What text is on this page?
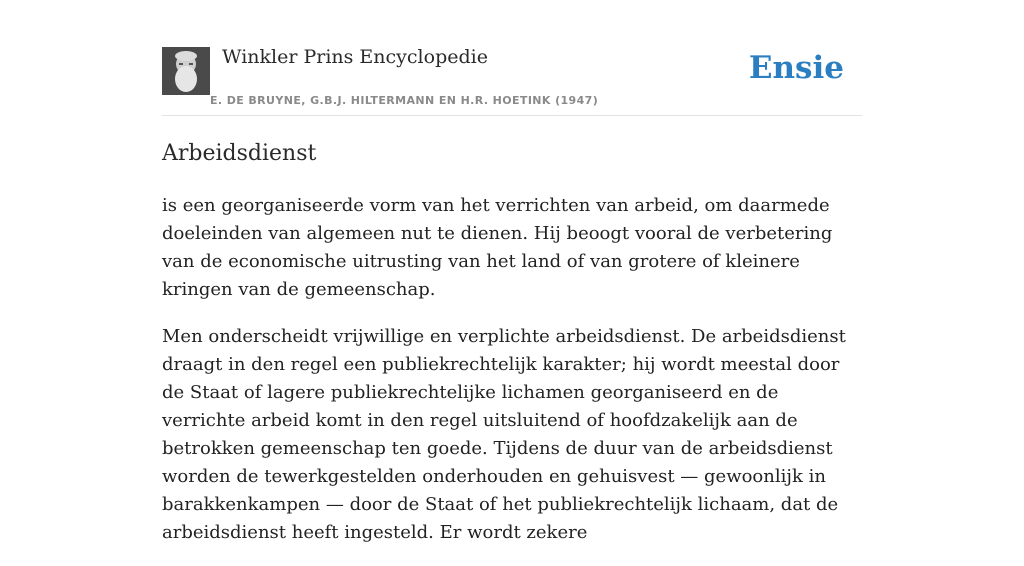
Winkler Prins Encyclopedie
E. DE BRUYNE, G.B.J. HILTERMANN EN H.R. HOETINK (1947)
Ensie
Arbeidsdienst

is een georganiseerde vorm van het verrichten van arbeid, om daarmede doeleinden van algemeen nut te dienen. Hij beoogt vooral de verbetering van de economische uitrusting van het land of van grotere of kleinere kringen van de gemeenschap.

Men onderscheidt vrijwillige en verplichte arbeidsdienst. De arbeidsdienst draagt in den regel een publiekrechtelijk karakter; hij wordt meestal door de Staat of lagere publiekrechtelijke lichamen georganiseerd en de verrichte arbeid komt in den regel uitsluitend of hoofdzakelijk aan de betrokken gemeenschap ten goede. Tijdens de duur van de arbeidsdienst worden de tewerkgestelden onderhouden en gehuisvest — gewoonlijk in barakkenkampen — door de Staat of het publiekrechtelijk lichaam, dat de arbeidsdienst heeft ingesteld. Er wordt zekere
